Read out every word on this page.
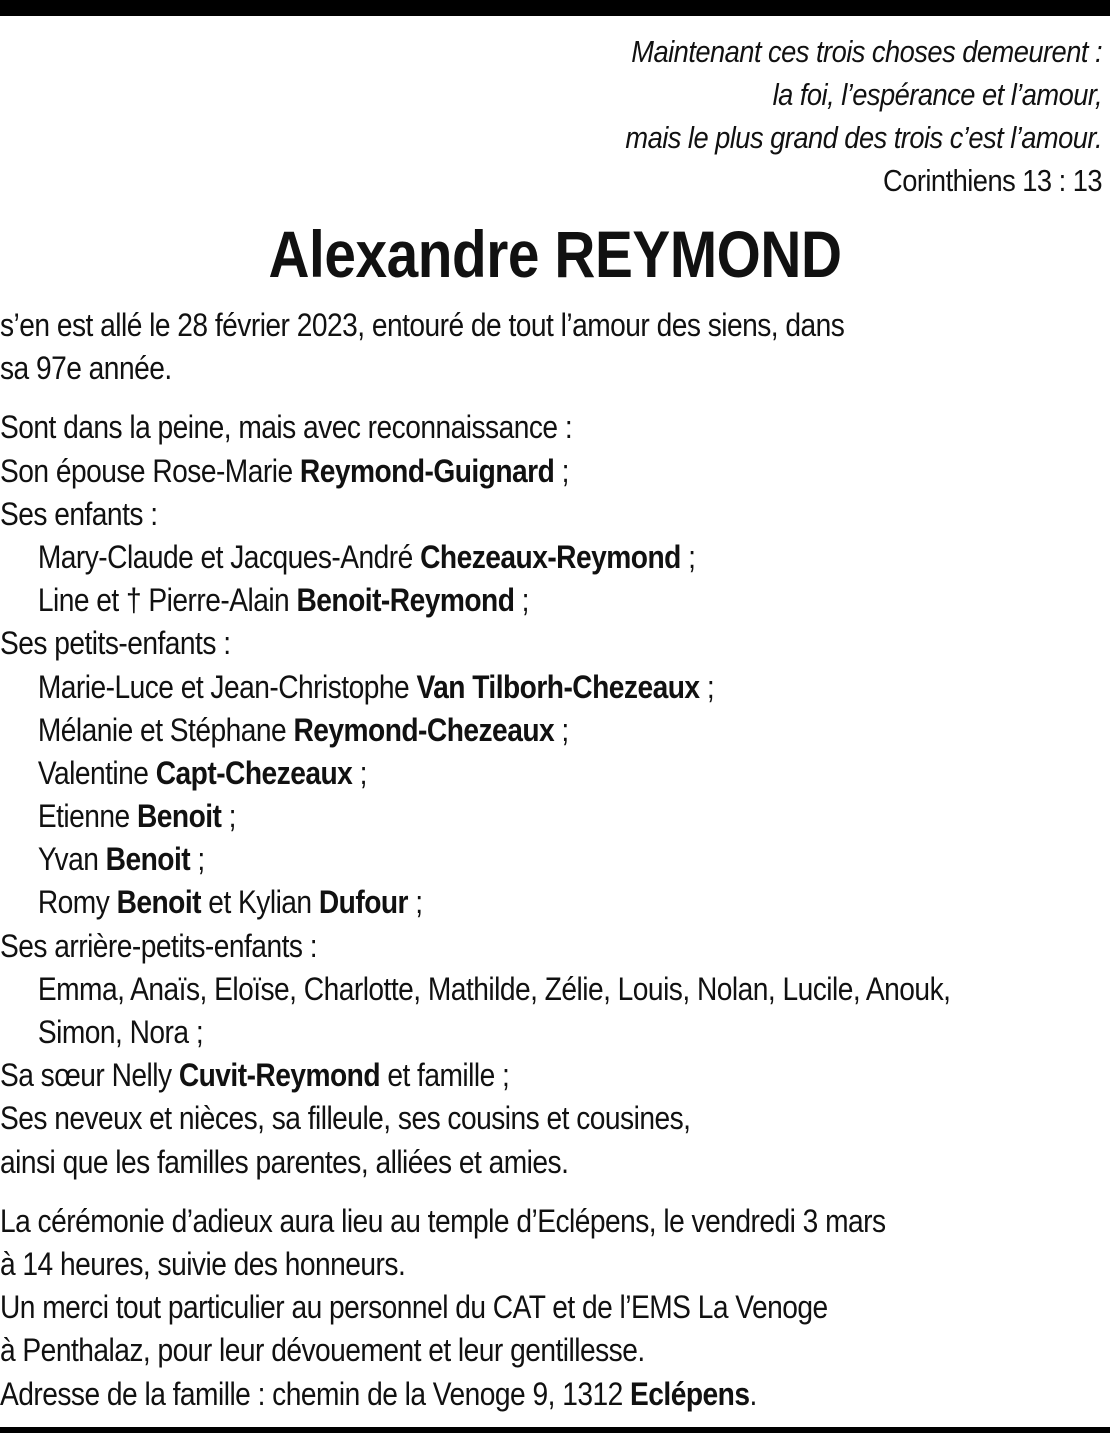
Maintenant ces trois choses demeurent :
la foi, l’espérance et l’amour,
mais le plus grand des trois c’est l’amour.
Corinthiens 13 : 13
Alexandre REYMOND
s’en est allé le 28 février 2023, entouré de tout l’amour des siens, dans
sa 97e année.
Sont dans la peine, mais avec reconnaissance :
Son épouse Rose-Marie Reymond-Guignard ;
Ses enfants :
Mary-Claude et Jacques-André Chezeaux-Reymond ;
Line et † Pierre-Alain Benoit-Reymond ;
Ses petits-enfants :
Marie-Luce et Jean-Christophe Van Tilborh-Chezeaux ;
Mélanie et Stéphane Reymond-Chezeaux ;
Valentine Capt-Chezeaux ;
Etienne Benoit ;
Yvan Benoit ;
Romy Benoit et Kylian Dufour ;
Ses arrière-petits-enfants :
Emma, Anaïs, Eloïse, Charlotte, Mathilde, Zélie, Louis, Nolan, Lucile, Anouk,
Simon, Nora ;
Sa sœur Nelly Cuvit-Reymond et famille ;
Ses neveux et nièces, sa filleule, ses cousins et cousines,
ainsi que les familles parentes, alliées et amies.
La cérémonie d’adieux aura lieu au temple d’Eclépens, le vendredi 3 mars
à 14 heures, suivie des honneurs.
Un merci tout particulier au personnel du CAT et de l’EMS La Venoge
à Penthalaz, pour leur dévouement et leur gentillesse.
Adresse de la famille : chemin de la Venoge 9, 1312 Eclépens.
